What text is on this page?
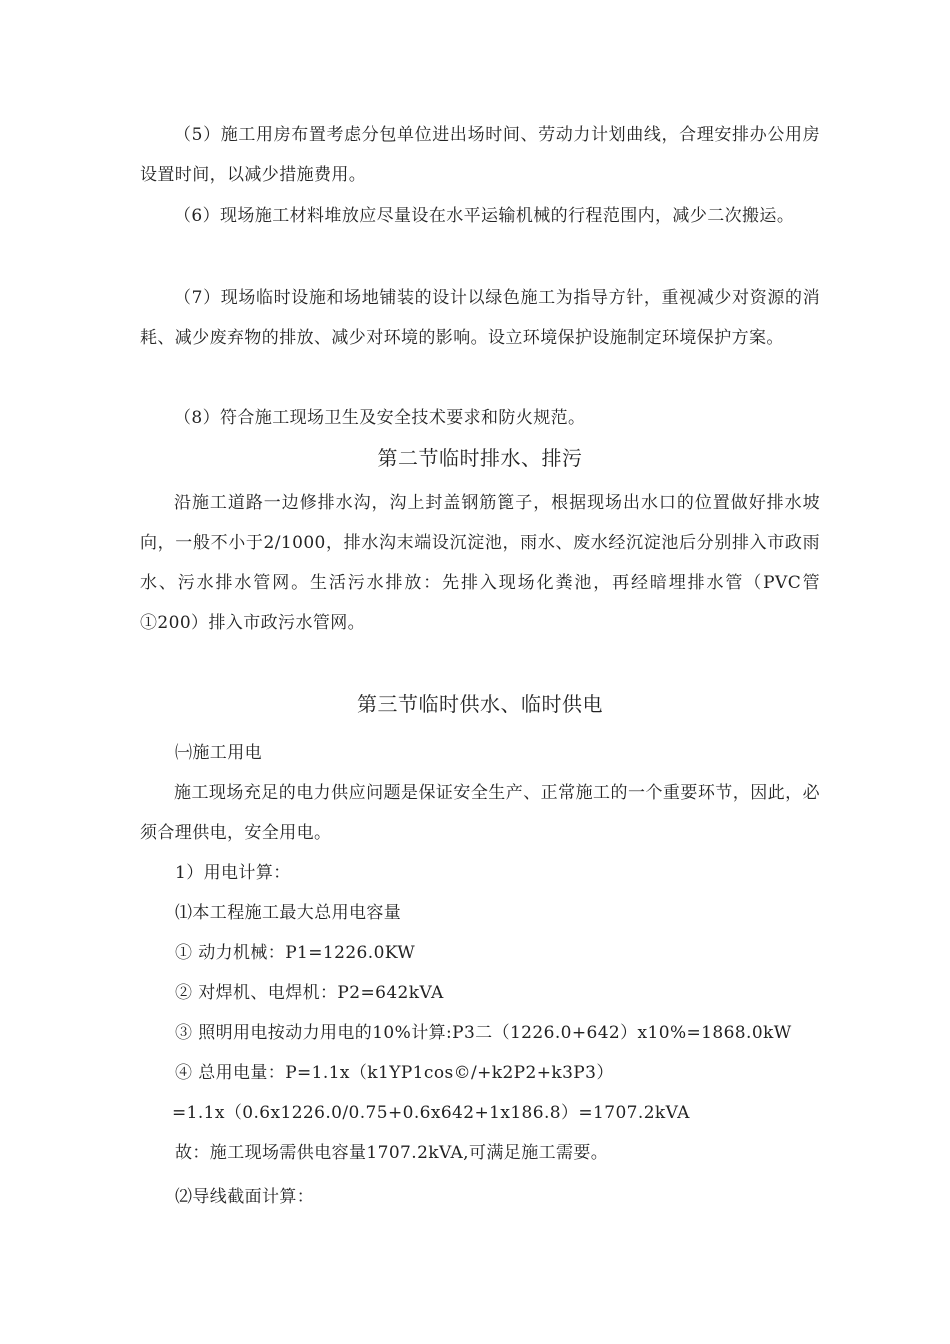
（5）施工用房布置考虑分包单位进出场时间、劳动力计划曲线，合理安排办公用房设置时间，以减少措施费用。

（6）现场施工材料堆放应尽量设在水平运输机械的行程范围内，减少二次搬运。

（7）现场临时设施和场地铺装的设计以绿色施工为指导方针，重视减少对资源的消耗、减少废弃物的排放、减少对环境的影响。设立环境保护设施制定环境保护方案。

（8）符合施工现场卫生及安全技术要求和防火规范。

第二节临时排水、排污

沿施工道路一边修排水沟，沟上封盖钢筋篦子，根据现场出水口的位置做好排水坡向，一般不小于2/1000，排水沟末端设沉淀池，雨水、废水经沉淀池后分别排入市政雨水、污水排水管网。生活污水排放：先排入现场化粪池，再经暗埋排水管（PVC管①200）排入市政污水管网。

第三节临时供水、临时供电

㈠施工用电

施工现场充足的电力供应问题是保证安全生产、正常施工的一个重要环节，因此，必须合理供电，安全用电。

1）用电计算：

⑴本工程施工最大总用电容量

① 动力机械：P1=1226.0KW

② 对焊机、电焊机：P2=642kVA

③ 照明用电按动力用电的10%计算:P3二（1226.0+642）x10%=1868.0kW

④ 总用电量：P=1.1x（k1YP1cos©/+k2P2+k3P3）

=1.1x（0.6x1226.0/0.75+0.6x642+1x186.8）=1707.2kVA

故：施工现场需供电容量1707.2kVA,可满足施工需要。

⑵导线截面计算：
